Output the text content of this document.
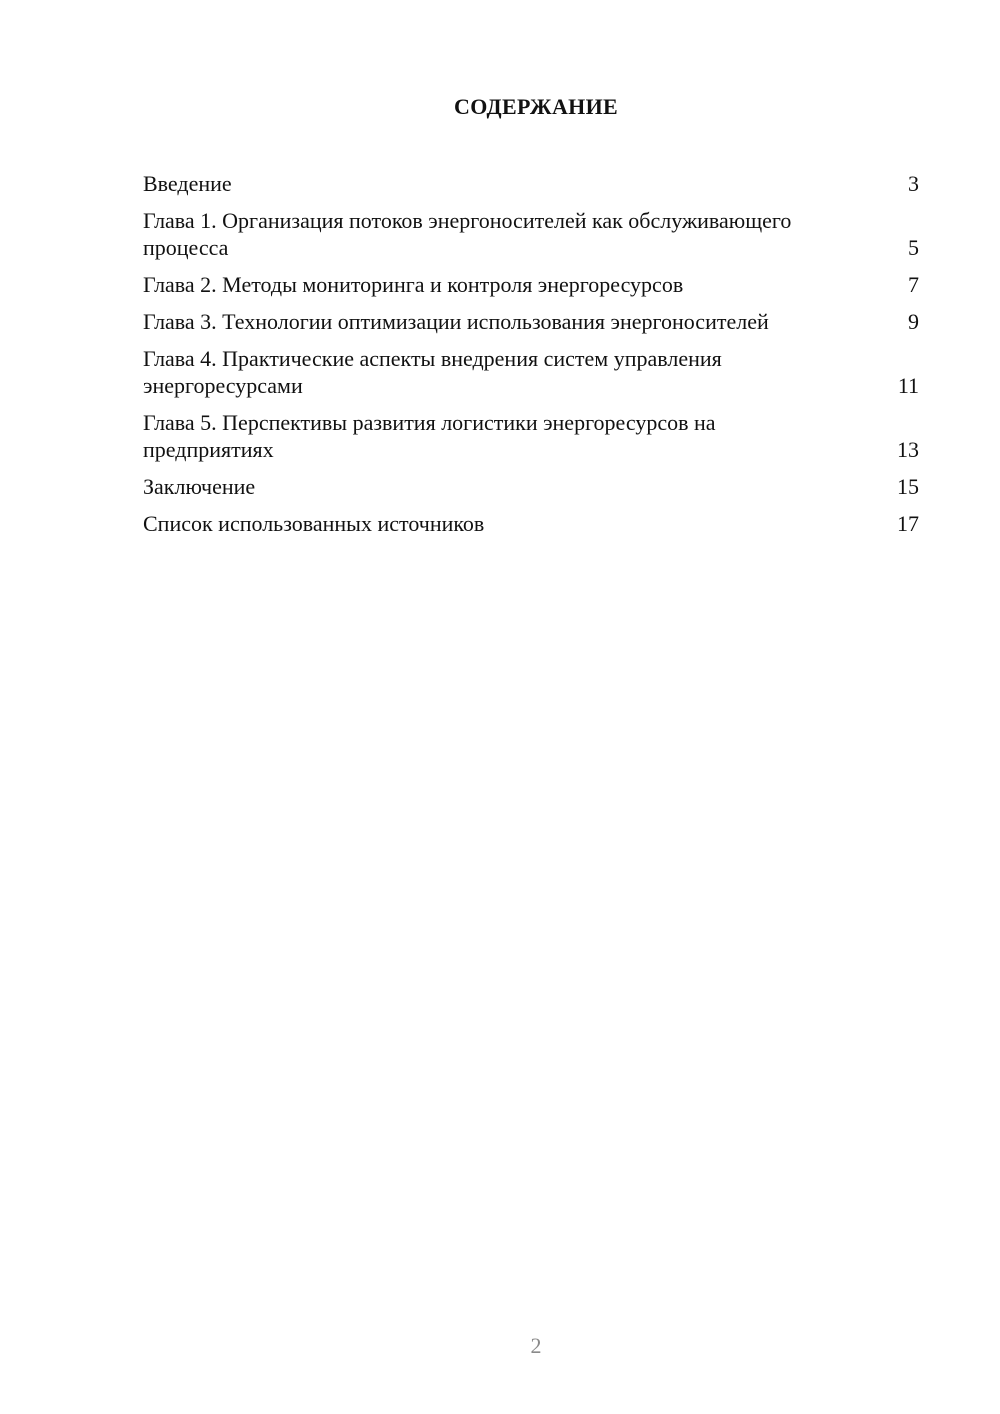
СОДЕРЖАНИЕ
Введение	3
Глава 1. Организация потоков энергоносителей как обслуживающего процесса	5
Глава 2. Методы мониторинга и контроля энергоресурсов	7
Глава 3. Технологии оптимизации использования энергоносителей	9
Глава 4. Практические аспекты внедрения систем управления энергоресурсами	11
Глава 5. Перспективы развития логистики энергоресурсов на предприятиях	13
Заключение	15
Список использованных источников	17
2
